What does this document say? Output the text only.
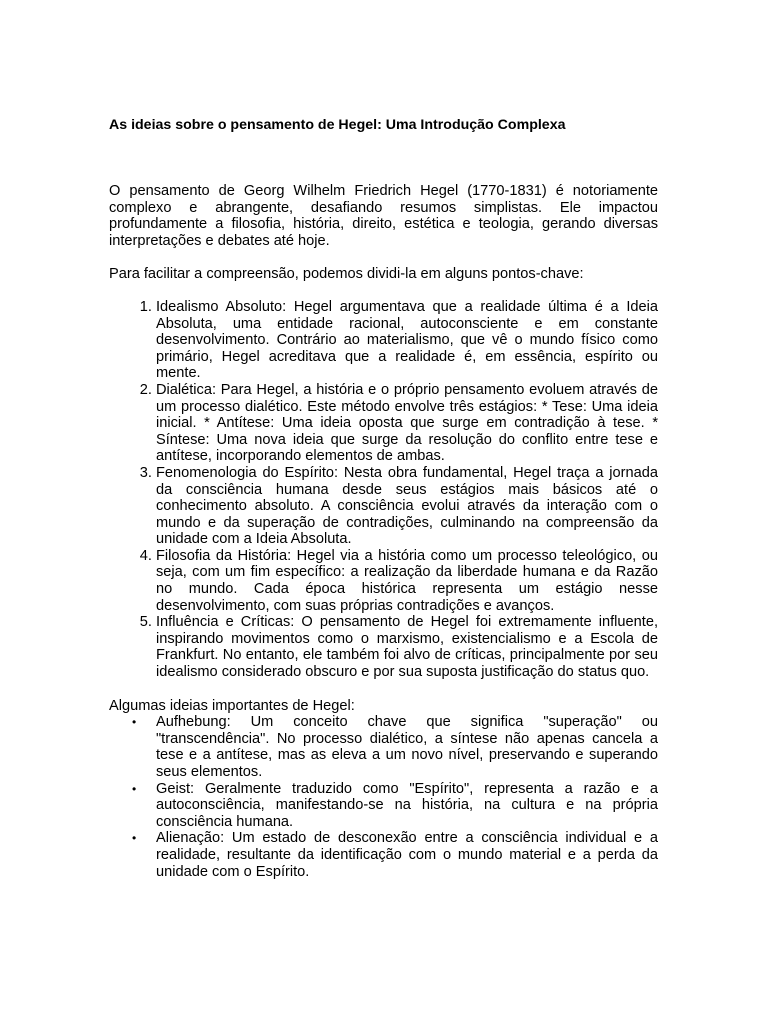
As ideias sobre o pensamento de Hegel: Uma Introdução Complexa

O pensamento de Georg Wilhelm Friedrich Hegel (1770-1831) é notoriamente complexo e abrangente, desafiando resumos simplistas. Ele impactou profundamente a filosofia, história, direito, estética e teologia, gerando diversas interpretações e debates até hoje.

Para facilitar a compreensão, podemos dividi-la em alguns pontos-chave:

1. Idealismo Absoluto: Hegel argumentava que a realidade última é a Ideia Absoluta, uma entidade racional, autoconsciente e em constante desenvolvimento. Contrário ao materialismo, que vê o mundo físico como primário, Hegel acreditava que a realidade é, em essência, espírito ou mente.
2. Dialética: Para Hegel, a história e o próprio pensamento evoluem através de um processo dialético. Este método envolve três estágios: * Tese: Uma ideia inicial. * Antítese: Uma ideia oposta que surge em contradição à tese. * Síntese: Uma nova ideia que surge da resolução do conflito entre tese e antítese, incorporando elementos de ambas.
3. Fenomenologia do Espírito: Nesta obra fundamental, Hegel traça a jornada da consciência humana desde seus estágios mais básicos até o conhecimento absoluto. A consciência evolui através da interação com o mundo e da superação de contradições, culminando na compreensão da unidade com a Ideia Absoluta.
4. Filosofia da História: Hegel via a história como um processo teleológico, ou seja, com um fim específico: a realização da liberdade humana e da Razão no mundo. Cada época histórica representa um estágio nesse desenvolvimento, com suas próprias contradições e avanços.
5. Influência e Críticas: O pensamento de Hegel foi extremamente influente, inspirando movimentos como o marxismo, existencialismo e a Escola de Frankfurt. No entanto, ele também foi alvo de críticas, principalmente por seu idealismo considerado obscuro e por sua suposta justificação do status quo.

Algumas ideias importantes de Hegel:

• Aufhebung: Um conceito chave que significa "superação" ou "transcendência". No processo dialético, a síntese não apenas cancela a tese e a antítese, mas as eleva a um novo nível, preservando e superando seus elementos.
• Geist: Geralmente traduzido como "Espírito", representa a razão e a autoconsciência, manifestando-se na história, na cultura e na própria consciência humana.
• Alienação: Um estado de desconexão entre a consciência individual e a realidade, resultante da identificação com o mundo material e a perda da unidade com o Espírito.
